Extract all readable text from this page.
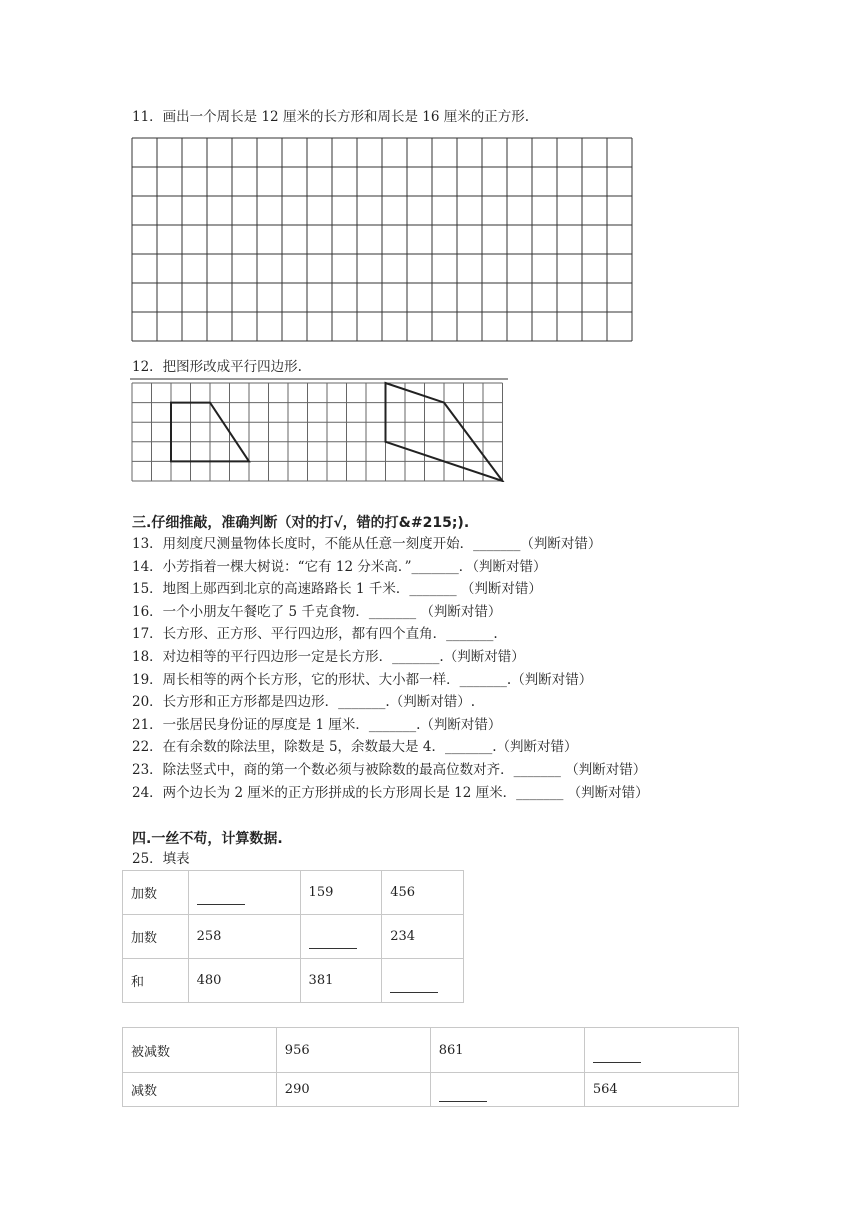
11．画出一个周长是 12 厘米的长方形和周长是 16 厘米的正方形.
12．把图形改成平行四边形.
三.仔细推敲，准确判断（对的打√，错的打&#215;).
13．用刻度尺测量物体长度时，不能从任意一刻度开始．_______（判断对错）
14．小芳指着一棵大树说：“它有 12 分米高．”_______．（判断对错）
15．地图上郧西到北京的高速路路长 1 千米．_______ （判断对错）
16．一个小朋友午餐吃了 5 千克食物．_______ （判断对错）
17．长方形、正方形、平行四边形，都有四个直角．_______.
18．对边相等的平行四边形一定是长方形．_______.（判断对错）
19．周长相等的两个长方形，它的形状、大小都一样．_______.（判断对错）
20．长方形和正方形都是四边形．_______.（判断对错）.
21．一张居民身份证的厚度是 1 厘米．_______.（判断对错）
22．在有余数的除法里，除数是 5，余数最大是 4．_______.（判断对错）
23．除法竖式中，商的第一个数必须与被除数的最高位数对齐．_______ （判断对错）
24．两个边长为 2 厘米的正方形拼成的长方形周长是 12 厘米．_______ （判断对错）
四.一丝不苟，计算数据.
25．填表
加数		159	456
加数	258		234
和	480	381	
被减数	956	861	
减数	290		564
